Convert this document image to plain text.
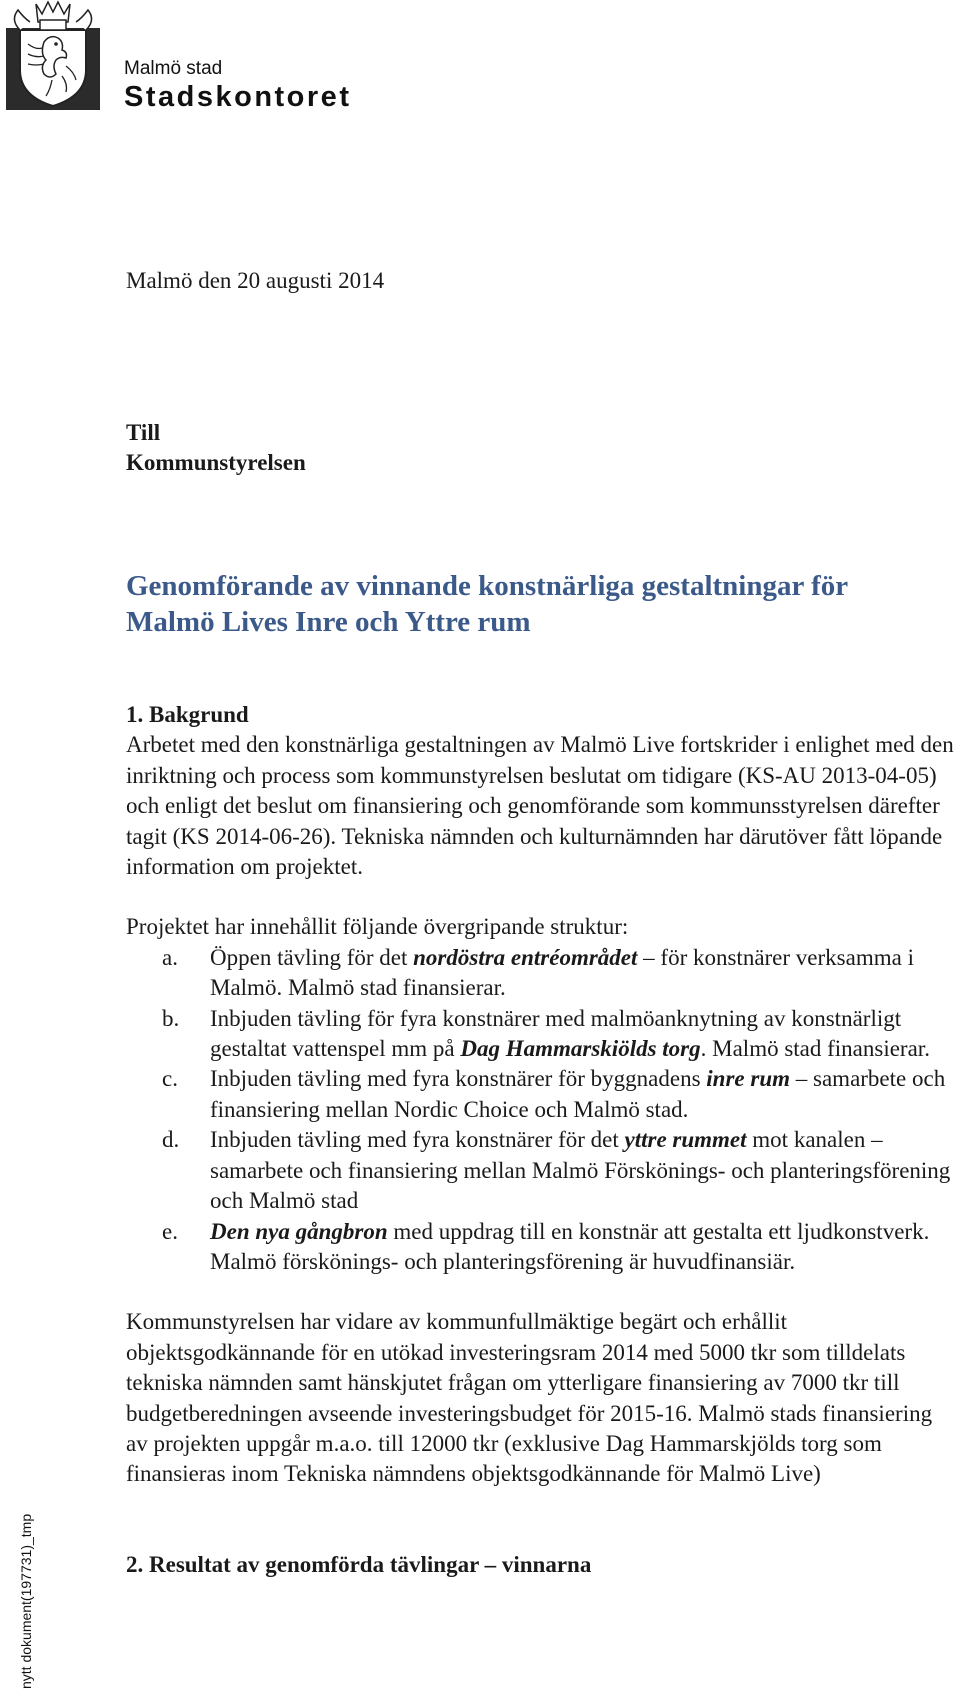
Malmö stad
Stadskontoret
nytt dokument(197731)_tmp
Malmö den 20 augusti 2014
Till
Kommunstyrelsen
Genomförande av vinnande konstnärliga gestaltningar för Malmö Lives Inre och Yttre rum

1. Bakgrund

Arbetet med den konstnärliga gestaltningen av Malmö Live fortskrider i enlighet med den inriktning och process som kommunstyrelsen beslutat om tidigare (KS-AU 2013-04-05) och enligt det beslut om finansiering och genomförande som kommunsstyrelsen därefter tagit (KS 2014-06-26). Tekniska nämnden och kulturnämnden har därutöver fått löpande information om projektet.

Projektet har innehållit följande övergripande struktur:

a. Öppen tävling för det nordöstra entréområdet – för konstnärer verksamma i Malmö. Malmö stad finansierar.
b. Inbjuden tävling för fyra konstnärer med malmöanknytning av konstnärligt gestaltat vattenspel mm på Dag Hammarskiölds torg. Malmö stad finansierar.
c. Inbjuden tävling med fyra konstnärer för byggnadens inre rum – samarbete och finansiering mellan Nordic Choice och Malmö stad.
d. Inbjuden tävling med fyra konstnärer för det yttre rummet mot kanalen – samarbete och finansiering mellan Malmö Förskönings- och planteringsförening och Malmö stad
e. Den nya gångbron med uppdrag till en konstnär att gestalta ett ljudkonstverk. Malmö förskönings- och planteringsförening är huvudfinansiär.

Kommunstyrelsen har vidare av kommunfullmäktige begärt och erhållit objektsgodkännande för en utökad investeringsram 2014 med 5000 tkr som tilldelats tekniska nämnden samt hänskjutet frågan om ytterligare finansiering av 7000 tkr till budgetberedningen avseende investeringsbudget för 2015-16. Malmö stads finansiering av projekten uppgår m.a.o. till 12000 tkr (exklusive Dag Hammarskjölds torg som finansieras inom Tekniska nämndens objektsgodkännande för Malmö Live)

2. Resultat av genomförda tävlingar – vinnarna
